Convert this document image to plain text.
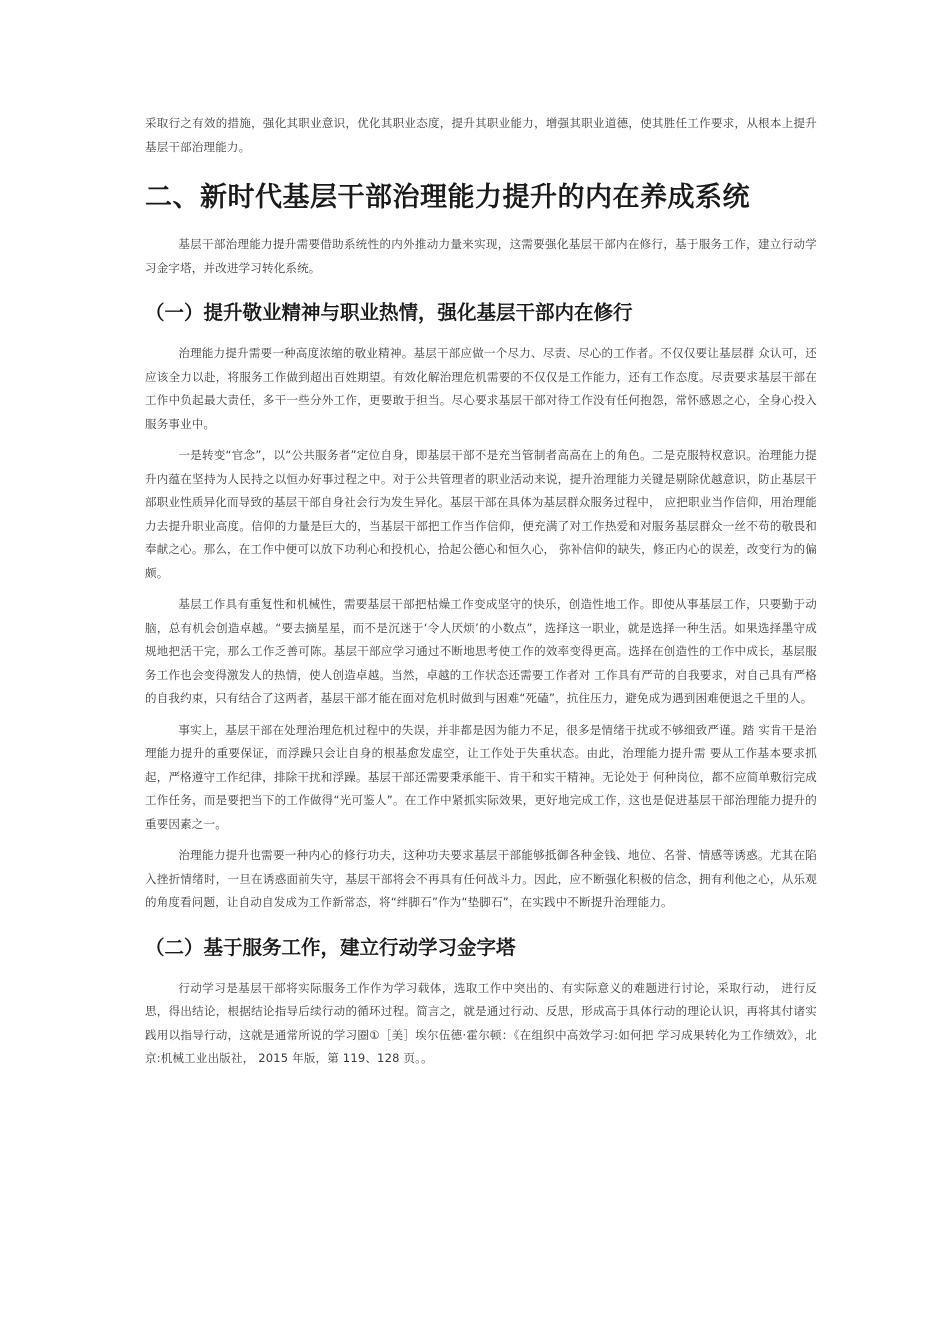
采取行之有效的措施，强化其职业意识，优化其职业态度，提升其职业能力，增强其职业道德，使其胜任工作要求，从根本上提升基层干部治理能力。

二、新时代基层干部治理能力提升的内在养成系统

基层干部治理能力提升需要借助系统性的内外推动力量来实现，这需要强化基层干部内在修行，基于服务工作，建立行动学习金字塔，并改进学习转化系统。

（一）提升敬业精神与职业热情，强化基层干部内在修行

治理能力提升需要一种高度浓缩的敬业精神。基层干部应做一个尽力、尽责、尽心的工作者。不仅仅要让基层群 众认可，还应该全力以赴，将服务工作做到超出百姓期望。有效化解治理危机需要的不仅仅是工作能力，还有工作态度。尽责要求基层干部在工作中负起最大责任，多干一些分外工作，更要敢于担当。尽心要求基层干部对待工作没有任何抱怨，常怀感恩之心，全身心投入服务事业中。

一是转变“官念”，以“公共服务者”定位自身，即基层干部不是充当管制者高高在上的角色。二是克服特权意识。治理能力提升内蕴在坚持为人民持之以恒办好事过程之中。对于公共管理者的职业活动来说，提升治理能力关键是剔除优越意识，防止基层干部职业性质异化而导致的基层干部自身社会行为发生异化。基层干部在具体为基层群众服务过程中， 应把职业当作信仰，用治理能力去提升职业高度。信仰的力量是巨大的，当基层干部把工作当作信仰，便充满了对工作热爱和对服务基层群众一丝不苟的敬畏和奉献之心。那么，在工作中便可以放下功利心和投机心，拾起公德心和恒久心， 弥补信仰的缺失，修正内心的误差，改变行为的偏颇。

基层工作具有重复性和机械性，需要基层干部把枯燥工作变成坚守的快乐，创造性地工作。即使从事基层工作，只要勤于动脑，总有机会创造卓越。“要去摘星星，而不是沉迷于‘令人厌烦’的小数点”，选择这一职业，就是选择一种生活。如果选择墨守成规地把活干完，那么工作乏善可陈。基层干部应学习通过不断地思考使工作的效率变得更高。选择在创造性的工作中成长，基层服务工作也会变得激发人的热情，使人创造卓越。当然，卓越的工作状态还需要工作者对 工作具有严苛的自我要求，对自己具有严格的自我约束，只有结合了这两者，基层干部才能在面对危机时做到与困难“死磕”，抗住压力，避免成为遇到困难便退之千里的人。

事实上，基层干部在处理治理危机过程中的失误，并非都是因为能力不足，很多是情绪干扰或不够细致严谨。踏 实肯干是治理能力提升的重要保证，而浮躁只会让自身的根基愈发虚空，让工作处于失重状态。由此，治理能力提升需 要从工作基本要求抓起，严格遵守工作纪律，排除干扰和浮躁。基层干部还需要秉承能干、肯干和实干精神。无论处于 何种岗位，都不应简单敷衍完成工作任务，而是要把当下的工作做得“光可鉴人”。在工作中紧抓实际效果，更好地完成工作，这也是促进基层干部治理能力提升的重要因素之一。

治理能力提升也需要一种内心的修行功夫，这种功夫要求基层干部能够抵御各种金钱、地位、名誉、情感等诱惑。尤其在陷入挫折情绪时，一旦在诱惑面前失守，基层干部将会不再具有任何战斗力。因此，应不断强化积极的信念，拥有利他之心，从乐观的角度看问题，让自动自发成为工作新常态，将“绊脚石”作为“垫脚石”，在实践中不断提升治理能力。

（二）基于服务工作，建立行动学习金字塔

行动学习是基层干部将实际服务工作作为学习载体，选取工作中突出的、有实际意义的难题进行讨论，采取行动， 进行反思，得出结论，根据结论指导后续行动的循环过程。简言之，就是通过行动、反思，形成高于具体行动的理论认识，再将其付诸实践用以指导行动，这就是通常所说的学习圈①［美］埃尔伍德·霍尔顿：《在组织中高效学习:如何把 学习成果转化为工作绩效》，北京:机械工业出版社， 2015 年版，第 119、128 页。。
